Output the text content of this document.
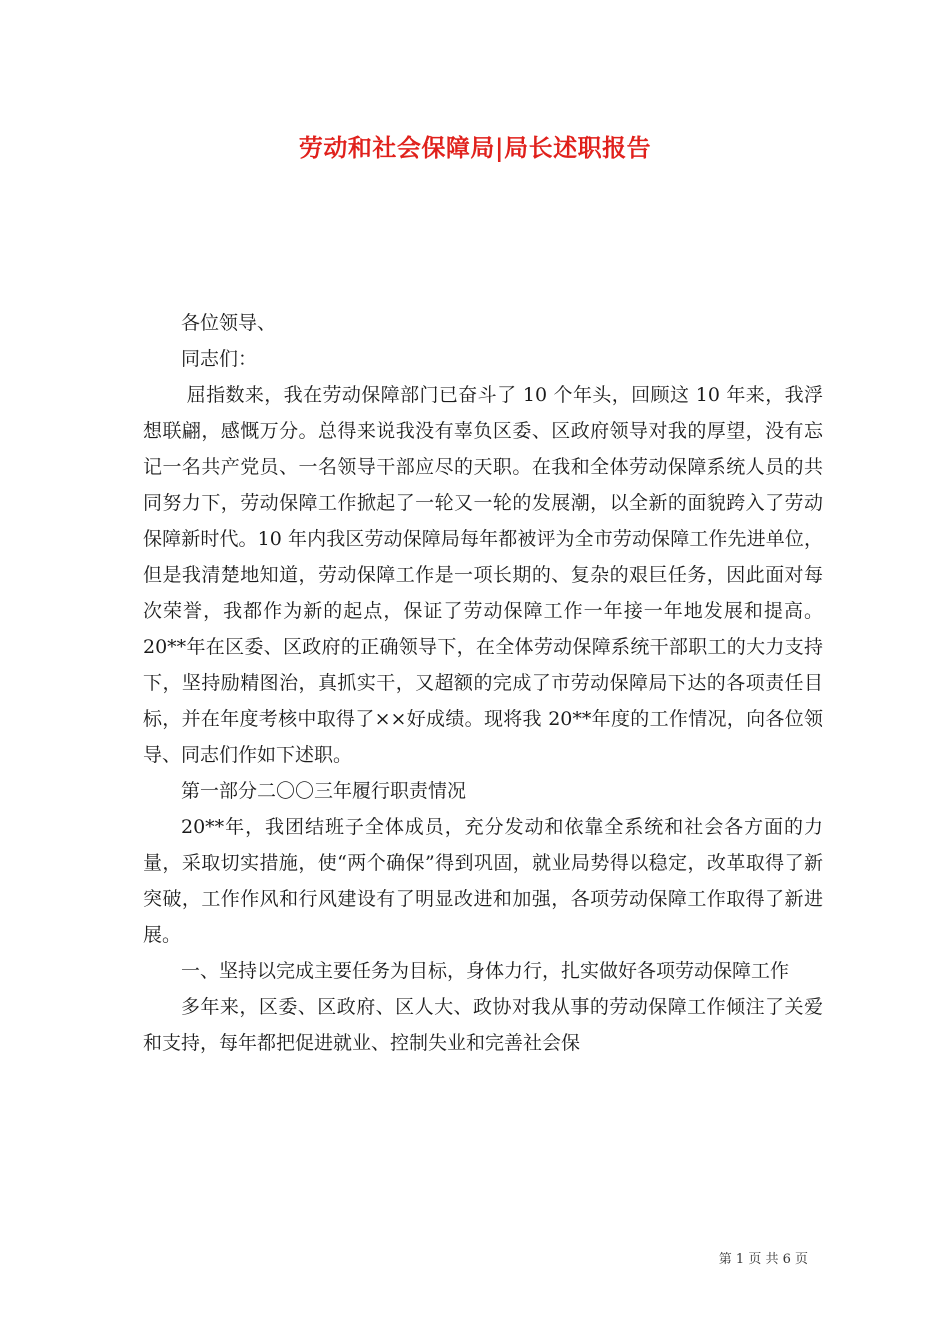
劳动和社会保障局|局长述职报告

各位领导、

同志们：

屈指数来，我在劳动保障部门已奋斗了 10 个年头，回顾这 10 年来，我浮想联翩，感慨万分。总得来说我没有辜负区委、区政府领导对我的厚望，没有忘记一名共产党员、一名领导干部应尽的天职。在我和全体劳动保障系统人员的共同努力下，劳动保障工作掀起了一轮又一轮的发展潮，以全新的面貌跨入了劳动保障新时代。10 年内我区劳动保障局每年都被评为全市劳动保障工作先进单位，但是我清楚地知道，劳动保障工作是一项长期的、复杂的艰巨任务，因此面对每次荣誉，我都作为新的起点，保证了劳动保障工作一年接一年地发展和提高。20**年在区委、区政府的正确领导下，在全体劳动保障系统干部职工的大力支持下，坚持励精图治，真抓实干，又超额的完成了市劳动保障局下达的各项责任目标，并在年度考核中取得了××好成绩。现将我 20**年度的工作情况，向各位领导、同志们作如下述职。

第一部分二〇〇三年履行职责情况

20**年，我团结班子全体成员，充分发动和依靠全系统和社会各方面的力量，采取切实措施，使“两个确保”得到巩固，就业局势得以稳定，改革取得了新突破，工作作风和行风建设有了明显改进和加强，各项劳动保障工作取得了新进展。

一、坚持以完成主要任务为目标，身体力行，扎实做好各项劳动保障工作

多年来，区委、区政府、区人大、政协对我从事的劳动保障工作倾注了关爱和支持，每年都把促进就业、控制失业和完善社会保

第 1 页 共 6 页
